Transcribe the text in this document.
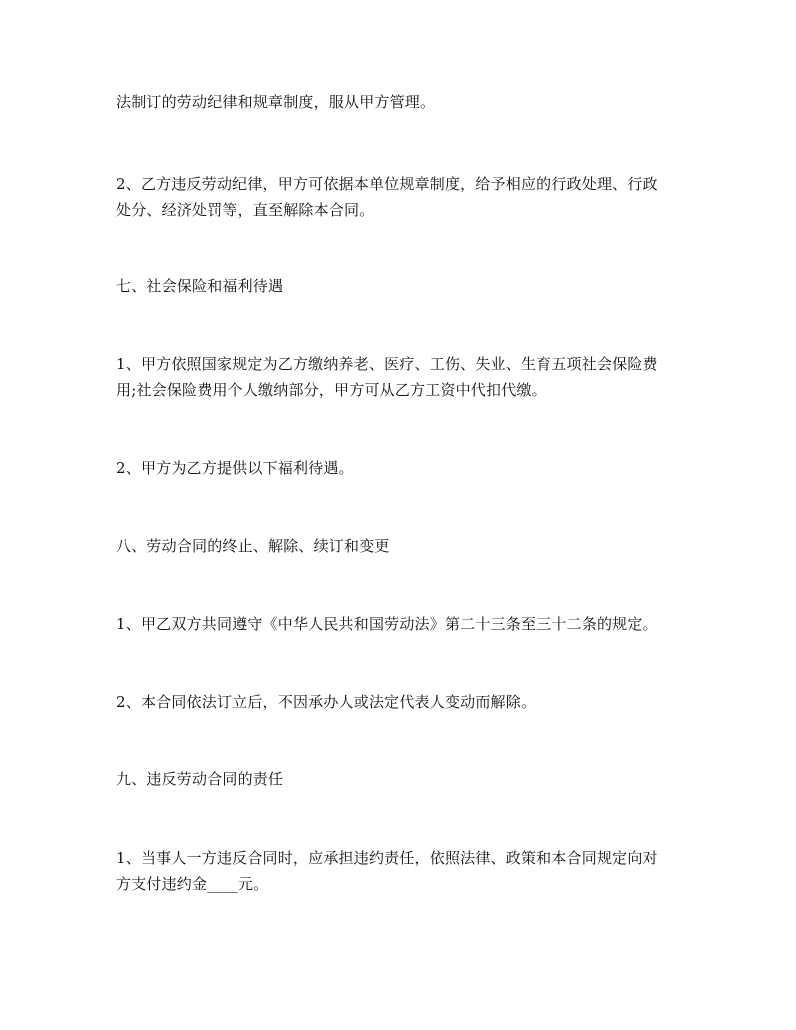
法制订的劳动纪律和规章制度，服从甲方管理。
2、乙方违反劳动纪律，甲方可依据本单位规章制度，给予相应的行政处理、行政
处分、经济处罚等，直至解除本合同。
七、社会保险和福利待遇
1、甲方依照国家规定为乙方缴纳养老、医疗、工伤、失业、生育五项社会保险费
用;社会保险费用个人缴纳部分，甲方可从乙方工资中代扣代缴。
2、甲方为乙方提供以下福利待遇。
八、劳动合同的终止、解除、续订和变更
1、甲乙双方共同遵守《中华人民共和国劳动法》第二十三条至三十二条的规定。
2、本合同依法订立后，不因承办人或法定代表人变动而解除。
九、违反劳动合同的责任
1、当事人一方违反合同时，应承担违约责任，依照法律、政策和本合同规定向对
方支付违约金____元。
